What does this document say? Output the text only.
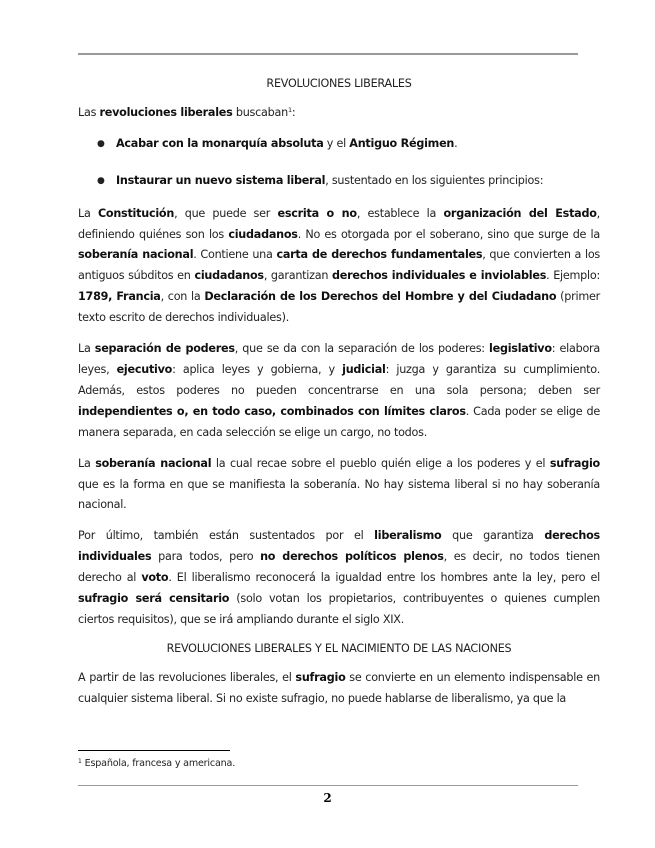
REVOLUCIONES LIBERALES

Las revoluciones liberales buscaban$^1$:

● Acabar con la monarquía absoluta y el Antiguo Régimen.
● Instaurar un nuevo sistema liberal, sustentado en los siguientes principios:

La Constitución, que puede ser escrita o no, establece la organización del Estado, definiendo quiénes son los ciudadanos. No es otorgada por el soberano, sino que surge de la soberanía nacional. Contiene una carta de derechos fundamentales, que convierten a los antiguos súbditos en ciudadanos, garantizan derechos individuales e inviolables. Ejemplo: 1789, Francia, con la Declaración de los Derechos del Hombre y del Ciudadano (primer texto escrito de derechos individuales).

La separación de poderes, que se da con la separación de los poderes: legislativo: elabora leyes, ejecutivo: aplica leyes y gobierna, y judicial: juzga y garantiza su cumplimiento. Además, estos poderes no pueden concentrarse en una sola persona; deben ser independientes o, en todo caso, combinados con límites claros. Cada poder se elige de manera separada, en cada selección se elige un cargo, no todos.

La soberanía nacional la cual recae sobre el pueblo quién elige a los poderes y el sufragio que es la forma en que se manifiesta la soberanía. No hay sistema liberal si no hay soberanía nacional.

Por último, también están sustentados por el liberalismo que garantiza derechos individuales para todos, pero no derechos políticos plenos, es decir, no todos tienen derecho al voto. El liberalismo reconocerá la igualdad entre los hombres ante la ley, pero el sufragio será censitario (solo votan los propietarios, contribuyentes o quienes cumplen ciertos requisitos), que se irá ampliando durante el siglo XIX.

REVOLUCIONES LIBERALES Y EL NACIMIENTO DE LAS NACIONES

A partir de las revoluciones liberales, el sufragio se convierte en un elemento indispensable en cualquier sistema liberal. Si no existe sufragio, no puede hablarse de liberalismo, ya que la

$^1$ Española, francesa y americana.
2
